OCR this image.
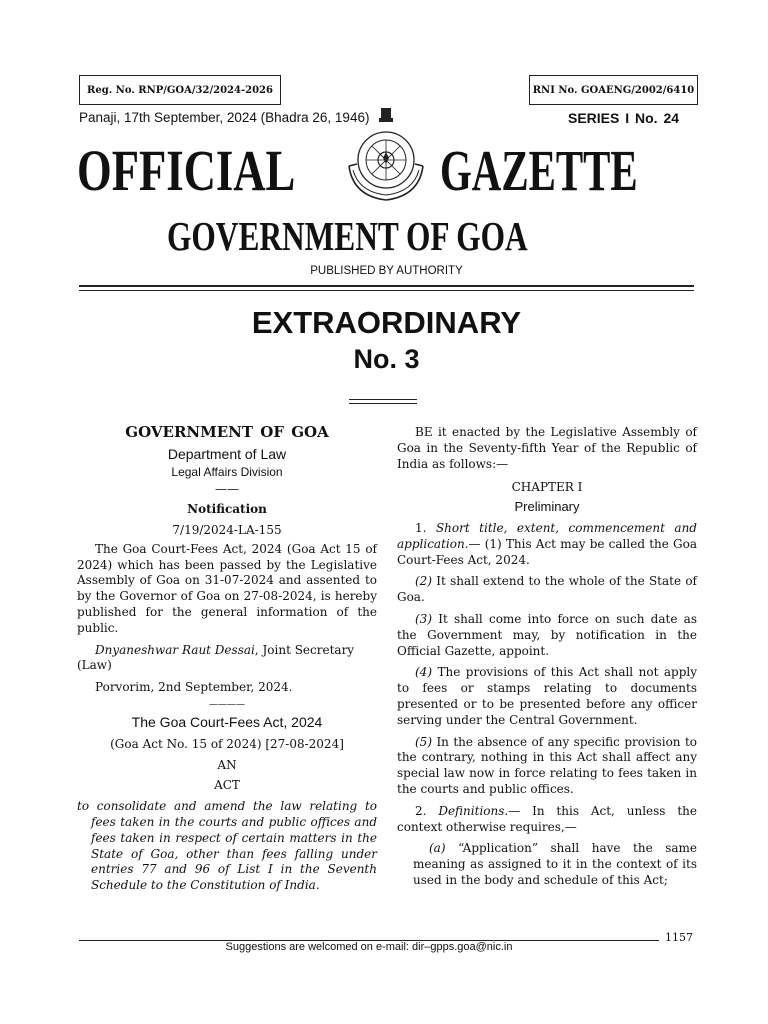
Reg. No. RNP/GOA/32/2024-2026	RNI No. GOAENG/2002/6410
Panaji, 17th September, 2024 (Bhadra 26, 1946)	SERIES I No. 24
OFFICIAL GAZETTE
GOVERNMENT OF GOA
PUBLISHED BY AUTHORITY
EXTRAORDINARY
No. 3
GOVERNMENT OF GOA
Department of Law
Legal Affairs Division
——
Notification
7/19/2024-LA-155

The Goa Court-Fees Act, 2024 (Goa Act 15 of 2024) which has been passed by the Legislative Assembly of Goa on 31-07-2024 and assented to by the Governor of Goa on 27-08-2024, is hereby published for the general information of the public.

Dnyaneshwar Raut Dessai, Joint Secretary (Law)

Porvorim, 2nd September, 2024.

————
The Goa Court-Fees Act, 2024
(Goa Act No. 15 of 2024) [27-08-2024]
AN
ACT
to consolidate and amend the law relating to fees taken in the courts and public offices and fees taken in respect of certain matters in the State of Goa, other than fees falling under entries 77 and 96 of List I in the Seventh Schedule to the Constitution of India.

BE it enacted by the Legislative Assembly of Goa in the Seventy-fifth Year of the Republic of India as follows:—

CHAPTER I
Preliminary

1. Short title, extent, commencement and application.— (1) This Act may be called the Goa Court-Fees Act, 2024.

(2) It shall extend to the whole of the State of Goa.

(3) It shall come into force on such date as the Government may, by notification in the Official Gazette, appoint.

(4) The provisions of this Act shall not apply to fees or stamps relating to documents presented or to be presented before any officer serving under the Central Government.

(5) In the absence of any specific provision to the contrary, nothing in this Act shall affect any special law now in force relating to fees taken in the courts and public offices.

2. Definitions.— In this Act, unless the context otherwise requires,—

(a) “Application” shall have the same meaning as assigned to it in the context of its used in the body and schedule of this Act;

1157
Suggestions are welcomed on e-mail: dir–gpps.goa@nic.in
